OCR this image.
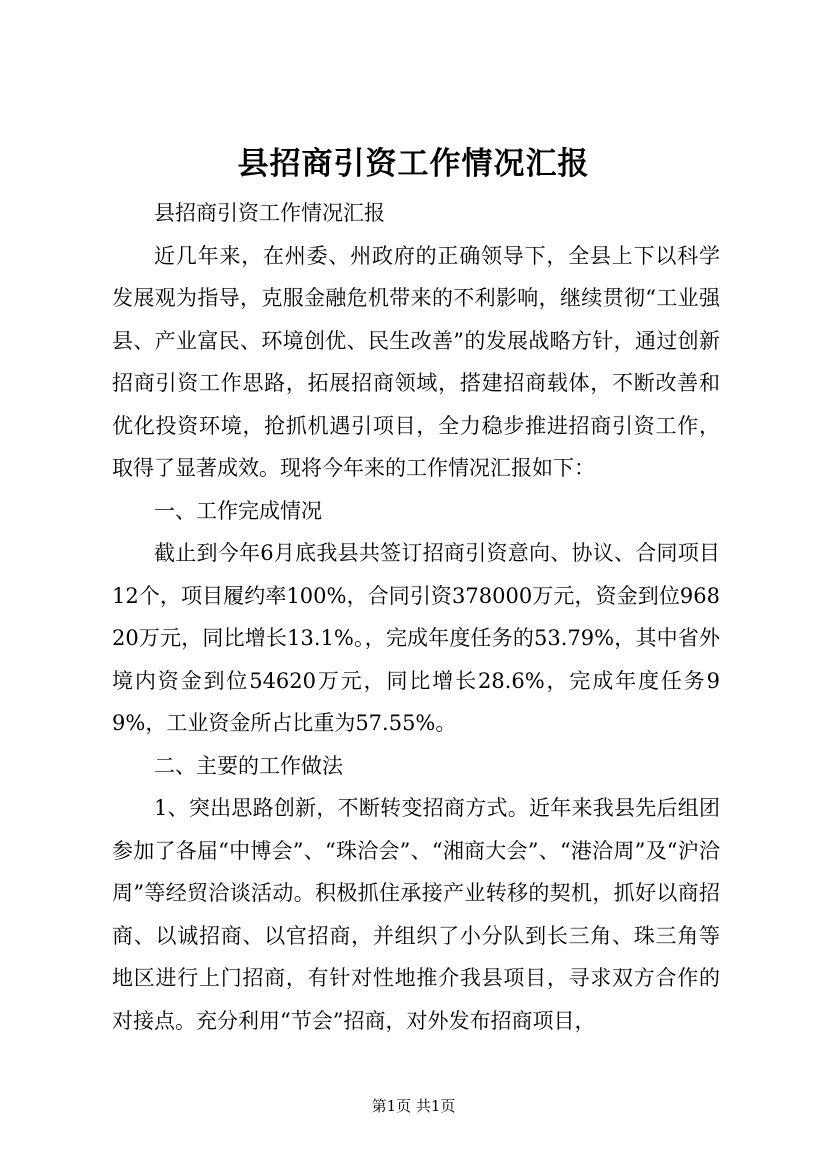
县招商引资工作情况汇报

县招商引资工作情况汇报

近几年来，在州委、州政府的正确领导下，全县上下以科学发展观为指导，克服金融危机带来的不利影响，继续贯彻“工业强县、产业富民、环境创优、民生改善”的发展战略方针，通过创新招商引资工作思路，拓展招商领域，搭建招商载体，不断改善和优化投资环境，抢抓机遇引项目，全力稳步推进招商引资工作，取得了显著成效。现将今年来的工作情况汇报如下：

一、工作完成情况

截止到今年6月底我县共签订招商引资意向、协议、合同项目12个，项目履约率100%，合同引资378000万元，资金到位96820万元，同比增长13.1%。，完成年度任务的53.79%，其中省外境内资金到位54620万元，同比增长28.6%，完成年度任务99%，工业资金所占比重为57.55%。

二、主要的工作做法

1、突出思路创新，不断转变招商方式。近年来我县先后组团参加了各届“中博会”、“珠洽会”、“湘商大会”、“港洽周”及“沪洽周”等经贸洽谈活动。积极抓住承接产业转移的契机，抓好以商招商、以诚招商、以官招商，并组织了小分队到长三角、珠三角等地区进行上门招商，有针对性地推介我县项目，寻求双方合作的对接点。充分利用“节会”招商，对外发布招商项目，

第1页 共1页
